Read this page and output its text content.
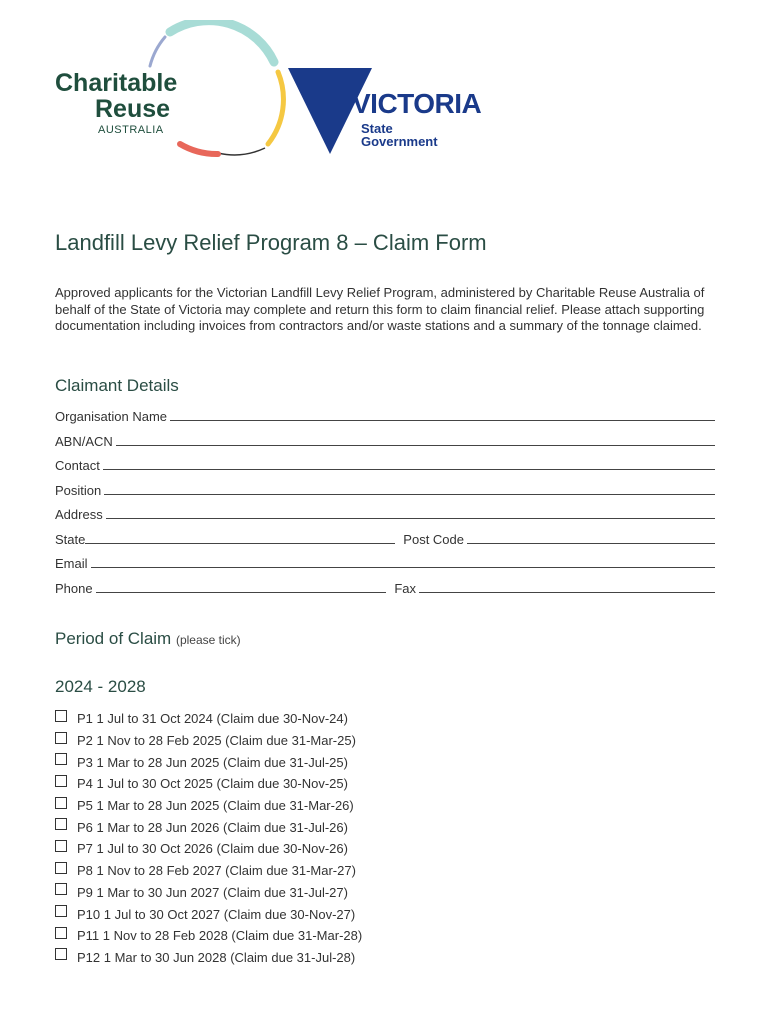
Charitable
Reuse
AUSTRALIA
VICTORIA
State
Government
Landfill Levy Relief Program 8 – Claim Form

Approved applicants for the Victorian Landfill Levy Relief Program, administered by Charitable Reuse Australia of behalf of the State of Victoria may complete and return this form to claim financial relief. Please attach supporting documentation including invoices from contractors and/or waste stations and a summary of the tonnage claimed.

Claimant Details
Organisation Name
ABN/ACN
Contact
Position
Address
State	Post Code
Email
Phone	Fax
Period of Claim (please tick)
2024 - 2028
P1 1 Jul to 31 Oct 2024 (Claim due 30-Nov-24)
P2 1 Nov to 28 Feb 2025 (Claim due 31-Mar-25)
P3 1 Mar to 28 Jun 2025 (Claim due 31-Jul-25)
P4 1 Jul to 30 Oct 2025 (Claim due 30-Nov-25)
P5 1 Mar to 28 Jun 2025 (Claim due 31-Mar-26)
P6 1 Mar to 28 Jun 2026 (Claim due 31-Jul-26)
P7 1 Jul to 30 Oct 2026 (Claim due 30-Nov-26)
P8 1 Nov to 28 Feb 2027 (Claim due 31-Mar-27)
P9 1 Mar to 30 Jun 2027 (Claim due 31-Jul-27)
P10 1 Jul to 30 Oct 2027 (Claim due 30-Nov-27)
P11 1 Nov to 28 Feb 2028 (Claim due 31-Mar-28)
P12 1 Mar to 30 Jun 2028 (Claim due 31-Jul-28)
